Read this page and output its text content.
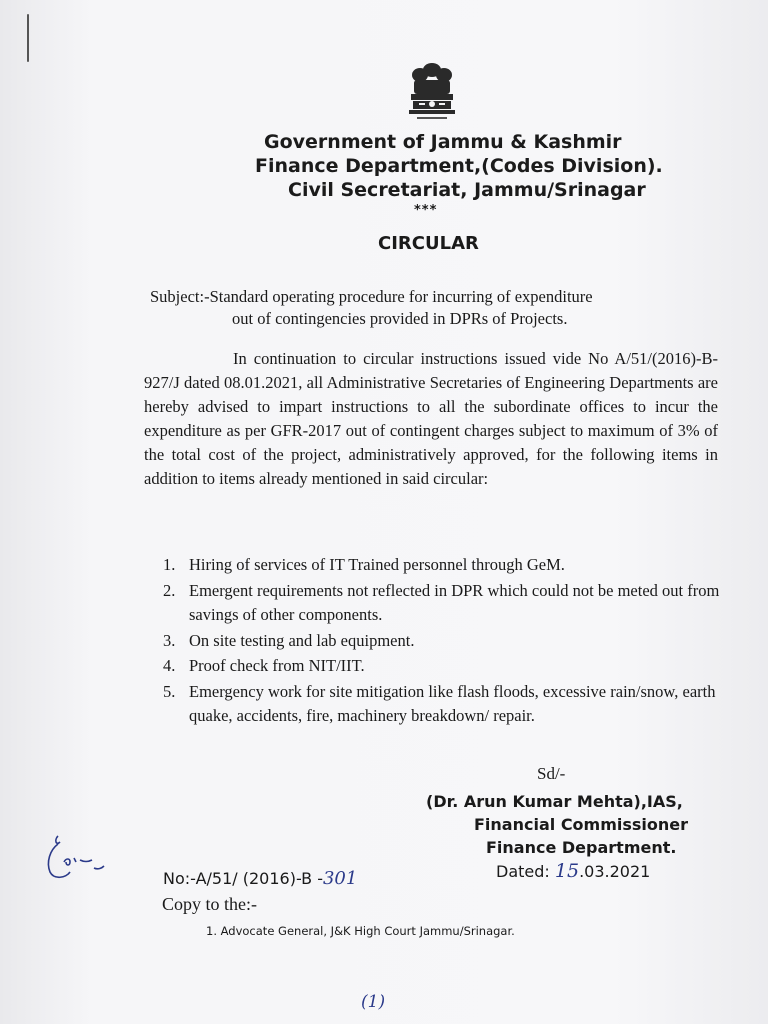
Government of Jammu & Kashmir
Finance Department,(Codes Division).
Civil Secretariat, Jammu/Srinagar
***
CIRCULAR
Subject:-Standard operating procedure for incurring of expenditure
out of contingencies provided in DPRs of Projects.
In continuation to circular instructions issued vide No A/51/(2016)-B-927/J dated 08.01.2021, all Administrative Secretaries of Engineering Departments are hereby advised to impart instructions to all the subordinate offices to incur the expenditure as per GFR-2017 out of contingent charges subject to maximum of 3% of the total cost of the project, administratively approved, for the following items in addition to items already mentioned in said circular:
1. Hiring of services of IT Trained personnel through GeM.
2. Emergent requirements not reflected in DPR which could not be meted out from savings of other components.
3. On site testing and lab equipment.
4. Proof check from NIT/IIT.
5. Emergency work for site mitigation like flash floods, excessive rain/snow, earth quake, accidents, fire, machinery breakdown/ repair.
Sd/-
(Dr. Arun Kumar Mehta),IAS,
Financial Commissioner
Finance Department.
Dated: 15.03.2021
No:-A/51/ (2016)-B -301
Copy to the:-
1. Advocate General, J&K High Court Jammu/Srinagar.
(1)
